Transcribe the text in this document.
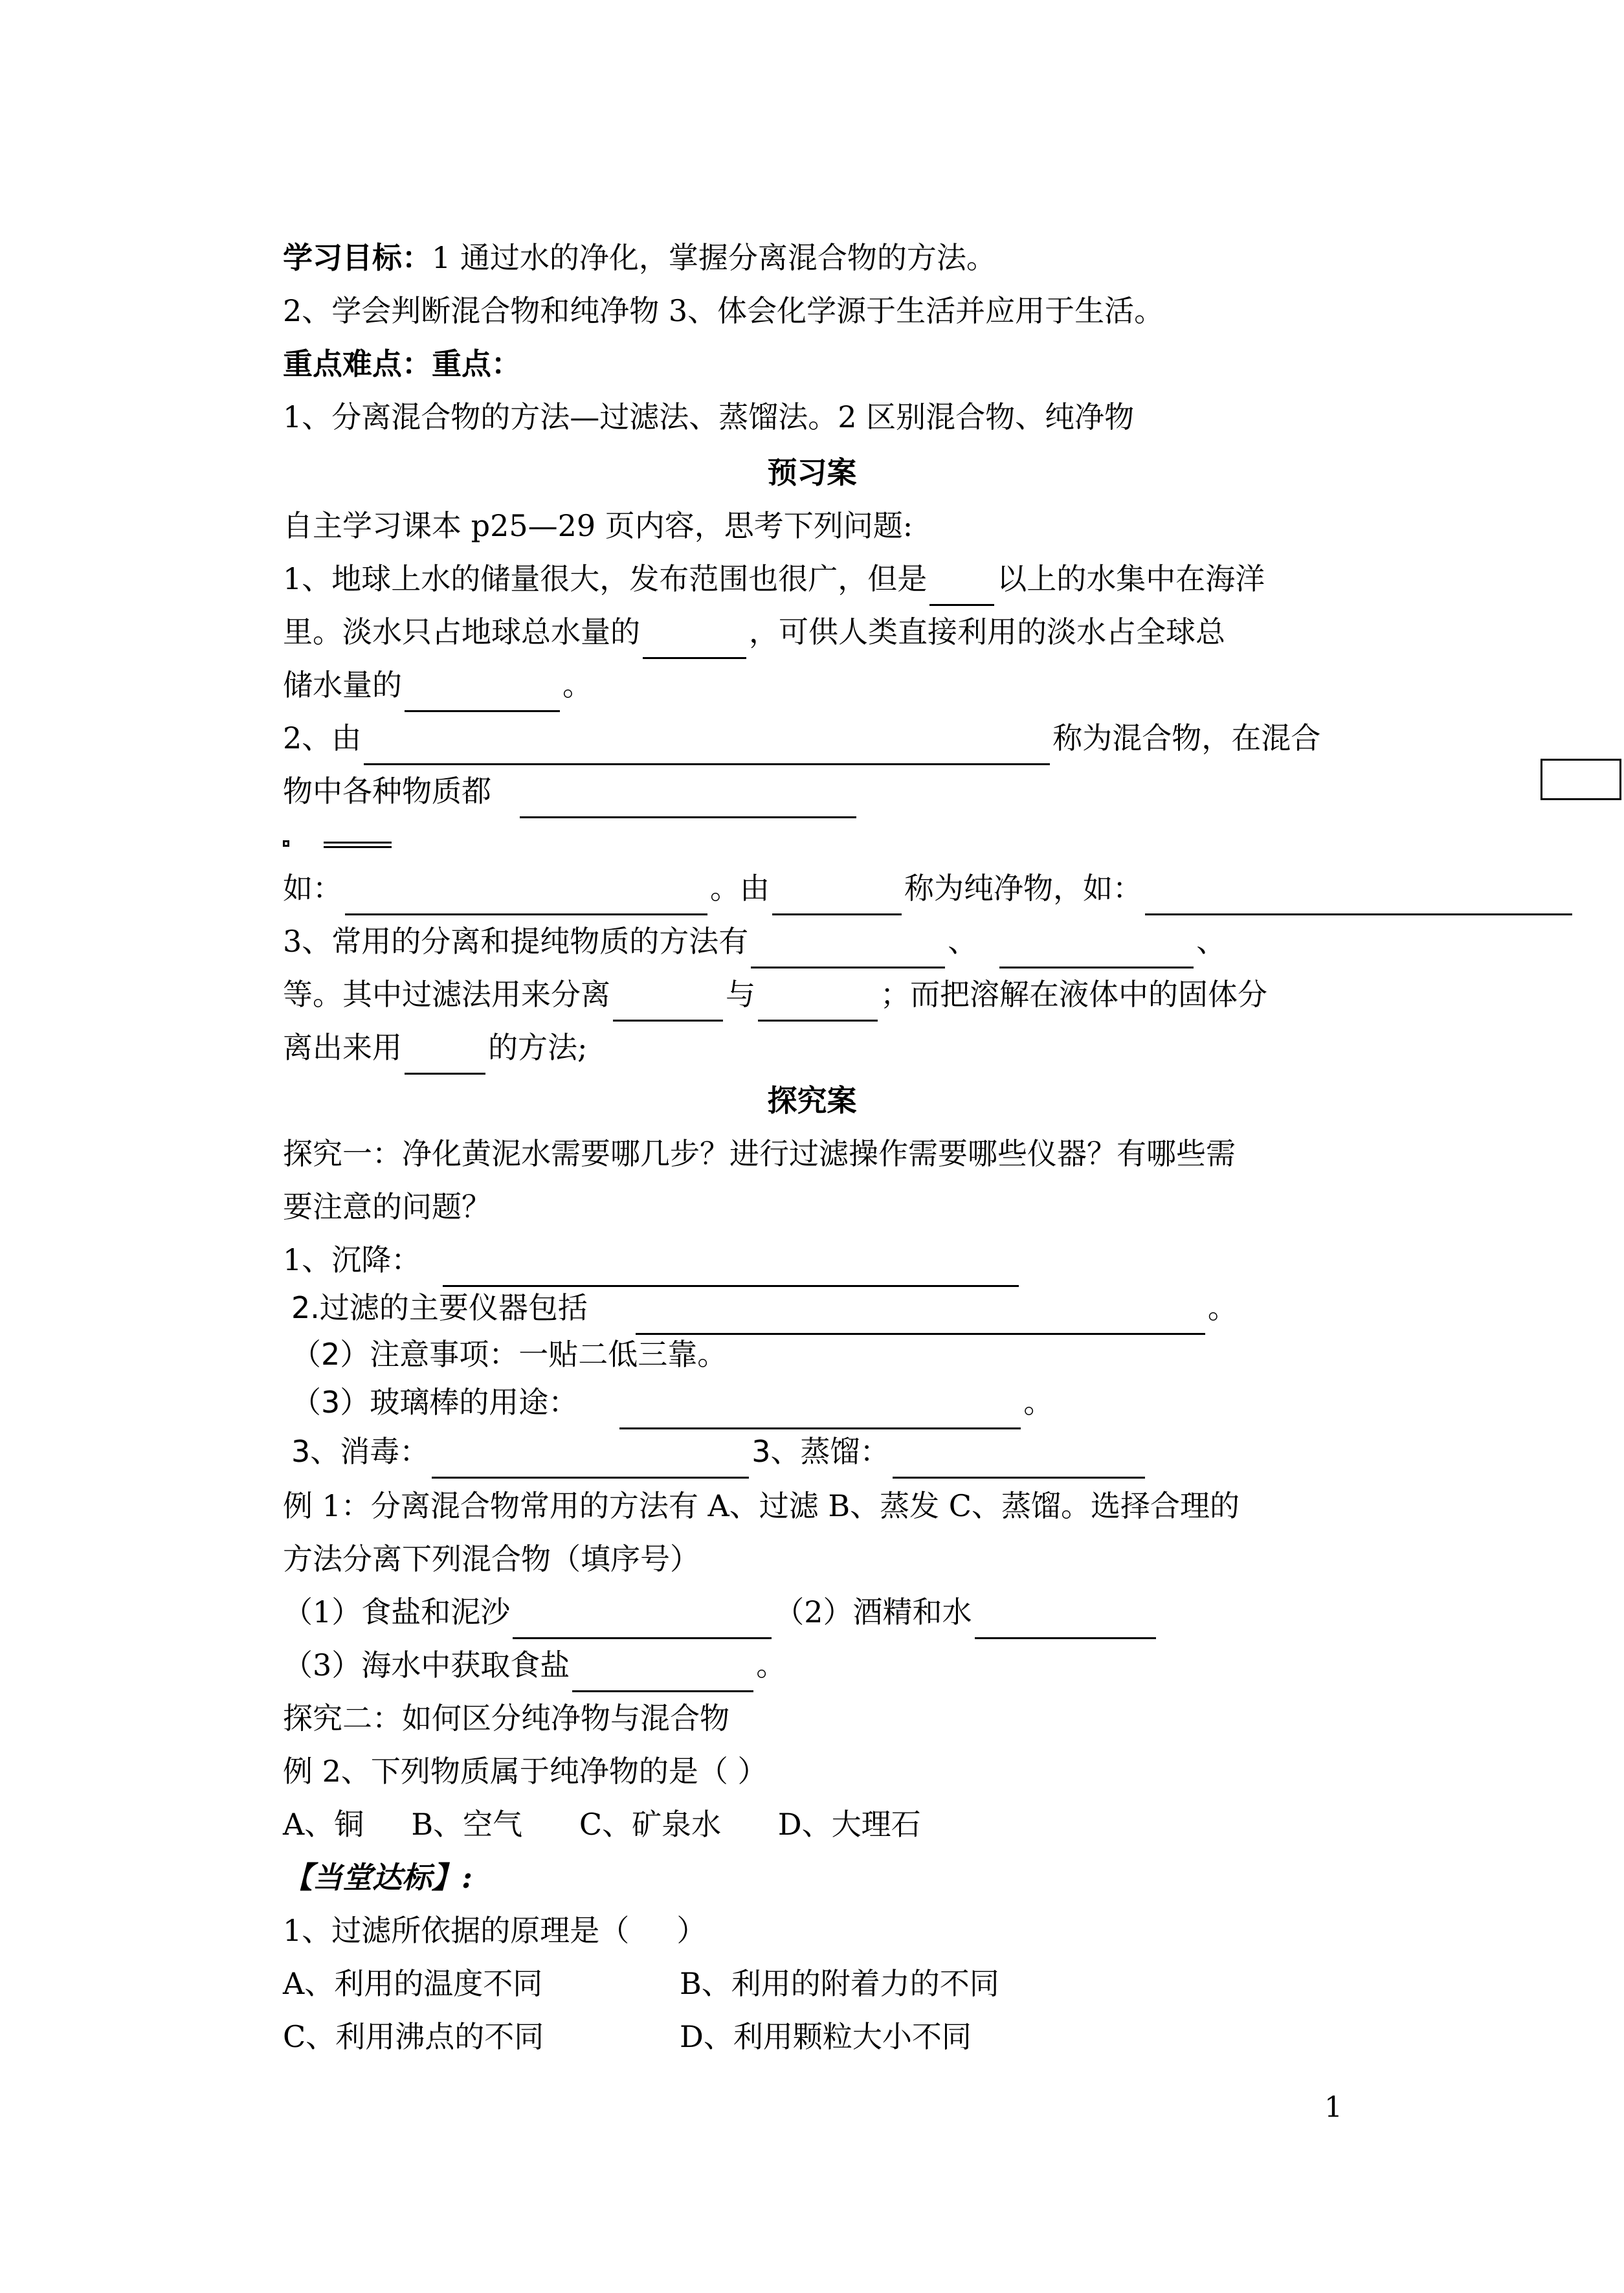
学习目标：1 通过水的净化，掌握分离混合物的方法。
2、学会判断混合物和纯净物 3、体会化学源于生活并应用于生活。
重点难点：重点：
1、分离混合物的方法—过滤法、蒸馏法。2 区别混合物、纯净物
预习案
自主学习课本 p25—29 页内容，思考下列问题:
1、地球上水的储量很大，发布范围也很广，但是 以上的水集中在海洋
里。淡水只占地球总水量的	，可供人类直接利用的淡水占全球总
储水量的	。
2、由	称为混合物，在混合
物中各种物质都
如：	。由	称为纯净物，如：
3、常用的分离和提纯物质的方法有	、	、
等。其中过滤法用来分离	与	；而把溶解在液体中的固体分
离出来用	的方法;
探究案
探究一：净化黄泥水需要哪几步？进行过滤操作需要哪些仪器？有哪些需
要注意的问题？
1、沉降：
2.过滤的主要仪器包括	。
（2）注意事项：一贴二低三靠。
（3）玻璃棒的用途：	。
3、消毒：	3、蒸馏：
例 1：分离混合物常用的方法有 A、过滤 B、蒸发 C、蒸馏。选择合理的
方法分离下列混合物（填序号）
（1）食盐和泥沙	（2）酒精和水
（3）海水中获取食盐	。
探究二：如何区分纯净物与混合物
例 2、下列物质属于纯净物的是（ ）
A、铜     B、空气      C、矿泉水      D、大理石
【当堂达标】:
1、过滤所依据的原理是（     ）
A、利用的温度不同	B、利用的附着力的不同
C、利用沸点的不同	D、利用颗粒大小不同
1
